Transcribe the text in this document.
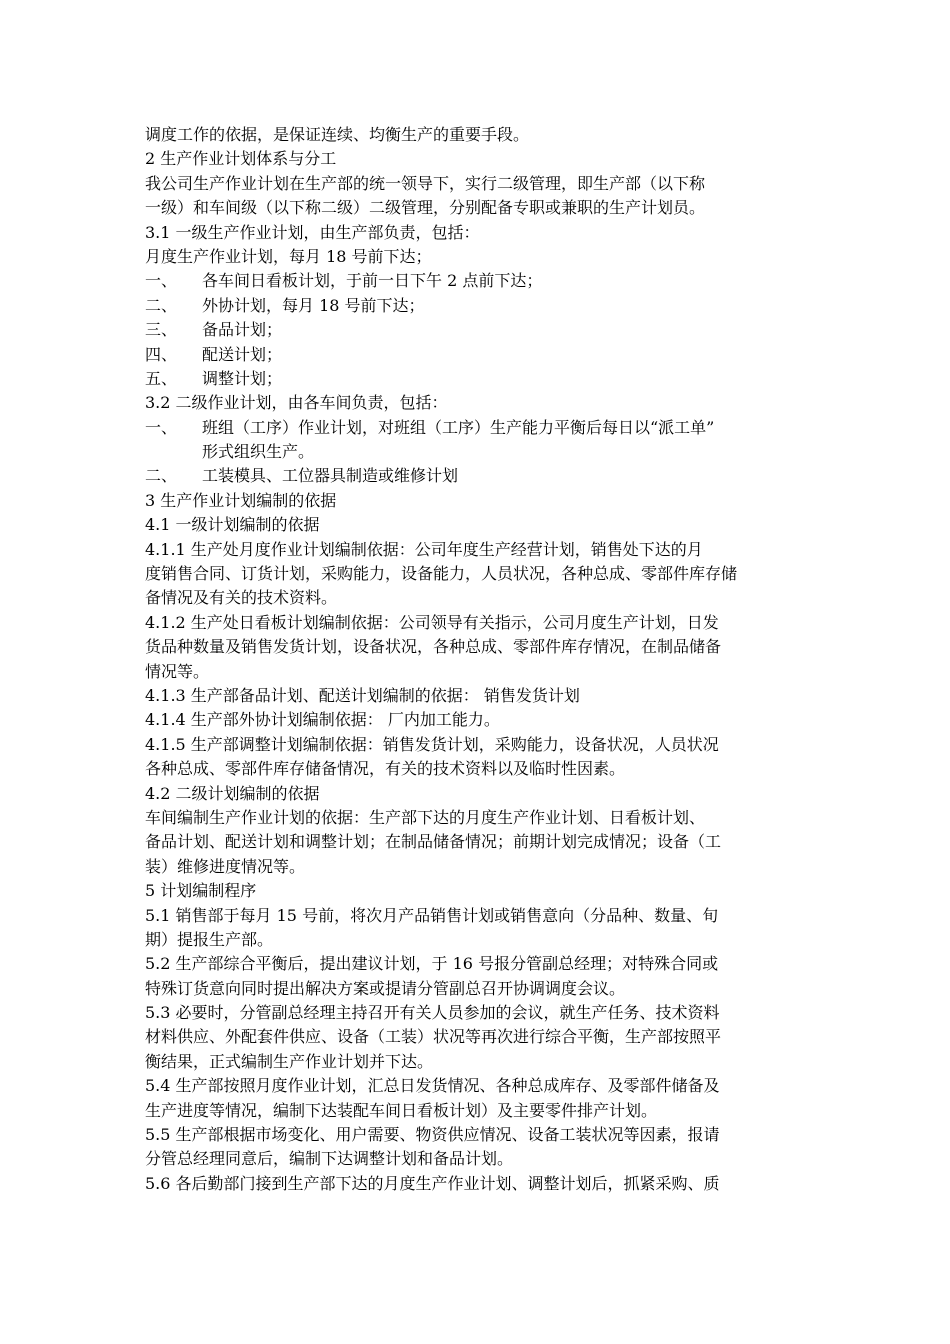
调度工作的依据，是保证连续、均衡生产的重要手段。
2 生产作业计划体系与分工
我公司生产作业计划在生产部的统一领导下，实行二级管理，即生产部（以下称
一级）和车间级（以下称二级）二级管理，分别配备专职或兼职的生产计划员。
3.1 一级生产作业计划，由生产部负责，包括：
月度生产作业计划，每月 18 号前下达；
一、 各车间日看板计划，于前一日下午 2 点前下达；
二、 外协计划，每月 18 号前下达；
三、 备品计划；
四、 配送计划；
五、 调整计划；
3.2 二级作业计划，由各车间负责，包括：
一、 班组（工序）作业计划，对班组（工序）生产能力平衡后每日以“派工单”
形式组织生产。
二、 工装模具、工位器具制造或维修计划
3 生产作业计划编制的依据
4.1 一级计划编制的依据
4.1.1 生产处月度作业计划编制依据：公司年度生产经营计划，销售处下达的月
度销售合同、订货计划，采购能力，设备能力，人员状况，各种总成、零部件库存储
备情况及有关的技术资料。
4.1.2 生产处日看板计划编制依据：公司领导有关指示，公司月度生产计划，日发
货品种数量及销售发货计划，设备状况，各种总成、零部件库存情况，在制品储备
情况等。
4.1.3 生产部备品计划、配送计划编制的依据： 销售发货计划
4.1.4 生产部外协计划编制依据： 厂内加工能力。
4.1.5 生产部调整计划编制依据：销售发货计划，采购能力，设备状况，人员状况
各种总成、零部件库存储备情况，有关的技术资料以及临时性因素。
4.2 二级计划编制的依据
车间编制生产作业计划的依据：生产部下达的月度生产作业计划、日看板计划、
备品计划、配送计划和调整计划；在制品储备情况；前期计划完成情况；设备（工
装）维修进度情况等。
5 计划编制程序
5.1 销售部于每月 15 号前，将次月产品销售计划或销售意向（分品种、数量、旬
期）提报生产部。
5.2 生产部综合平衡后，提出建议计划，于 16 号报分管副总经理；对特殊合同或
特殊订货意向同时提出解决方案或提请分管副总召开协调调度会议。
5.3 必要时，分管副总经理主持召开有关人员参加的会议，就生产任务、技术资料
材料供应、外配套件供应、设备（工装）状况等再次进行综合平衡，生产部按照平
衡结果，正式编制生产作业计划并下达。
5.4 生产部按照月度作业计划，汇总日发货情况、各种总成库存、及零部件储备及
生产进度等情况，编制下达装配车间日看板计划）及主要零件排产计划。
5.5 生产部根据市场变化、用户需要、物资供应情况、设备工装状况等因素，报请
分管总经理同意后，编制下达调整计划和备品计划。
5.6 各后勤部门接到生产部下达的月度生产作业计划、调整计划后，抓紧采购、质
